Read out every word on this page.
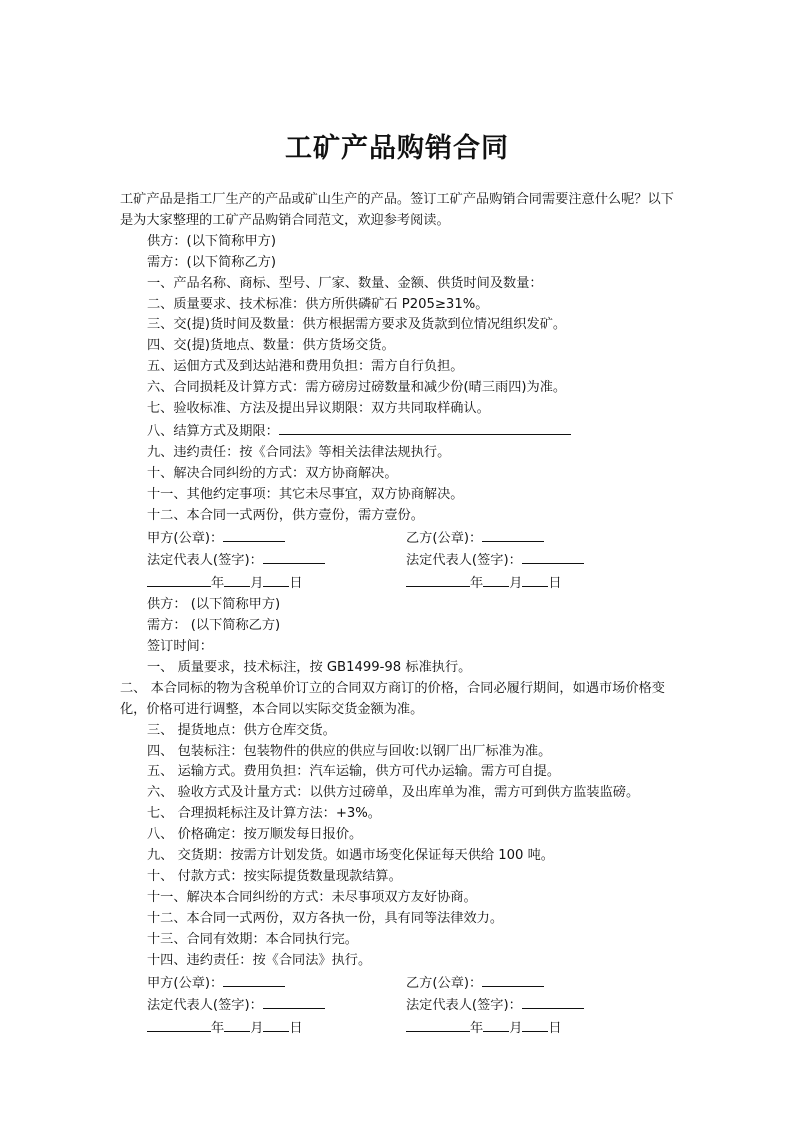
工矿产品购销合同
工矿产品是指工厂生产的产品或矿山生产的产品。签订工矿产品购销合同需要注意什么呢？以下是为大家整理的工矿产品购销合同范文，欢迎参考阅读。
供方：(以下简称甲方)
需方：(以下简称乙方)
一、产品名称、商标、型号、厂家、数量、金额、供货时间及数量：
二、质量要求、技术标准：供方所供磷矿石 P205≥31%。
三、交(提)货时间及数量：供方根据需方要求及货款到位情况组织发矿。
四、交(提)货地点、数量：供方货场交货。
五、运佃方式及到达站港和费用负担：需方自行负担。
六、合同损耗及计算方式：需方磅房过磅数量和减少份(晴三雨四)为准。
七、验收标准、方法及提出异议期限：双方共同取样确认。
八、结算方式及期限：
九、违约责任：按《合同法》等相关法律法规执行。
十、解决合同纠纷的方式：双方协商解决。
十一、其他约定事项：其它未尽事宜，双方协商解决。
十二、本合同一式两份，供方壹份，需方壹份。
甲方(公章)：	乙方(公章)：
法定代表人(签字)：	法定代表人(签字)：
年 月 日	年 月 日
供方： (以下简称甲方)
需方： (以下简称乙方)
签订时间：
一、 质量要求，技术标注，按 GB1499-98 标准执行。
二、 本合同标的物为含税单价订立的合同双方商订的价格，合同必履行期间，如遇市场价格变化，价格可进行调整，本合同以实际交货金额为准。
三、 提货地点：供方仓库交货。
四、 包装标注：包装物件的供应的供应与回收:以钢厂出厂标准为准。
五、 运输方式。费用负担：汽车运输，供方可代办运输。需方可自提。
六、 验收方式及计量方式：以供方过磅单，及出库单为准，需方可到供方监装监磅。
七、 合理损耗标注及计算方法：+3%。
八、 价格确定：按万顺发每日报价。
九、 交货期：按需方计划发货。如遇市场变化保证每天供给 100 吨。
十、 付款方式：按实际提货数量现款结算。
十一、解决本合同纠纷的方式：未尽事项双方友好协商。
十二、本合同一式两份，双方各执一份，具有同等法律效力。
十三、合同有效期：本合同执行完。
十四、违约责任：按《合同法》执行。
甲方(公章)：	乙方(公章)：
法定代表人(签字)：	法定代表人(签字)：
年 月 日	年 月 日
